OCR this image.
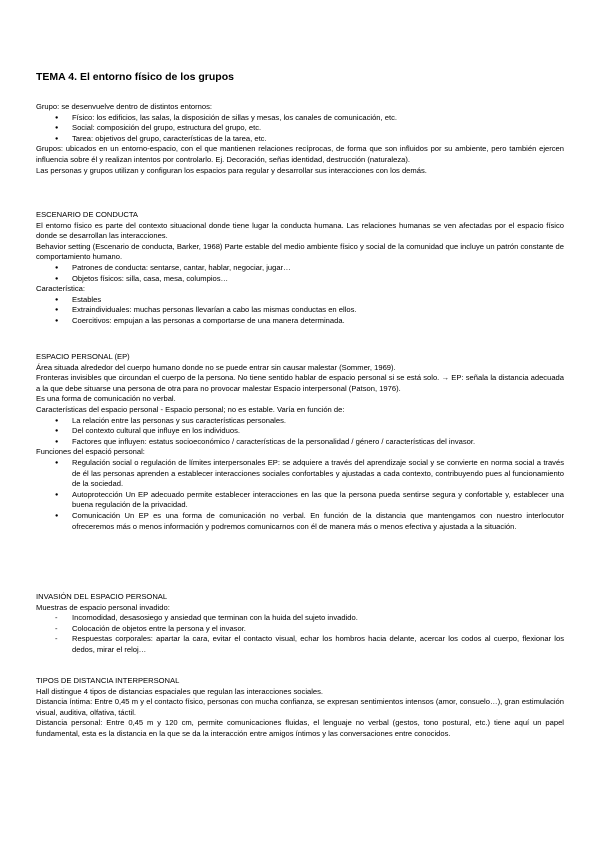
TEMA 4. El entorno físico de los grupos

Grupo: se desenvuelve dentro de distintos entornos:

● Físico: los edificios, las salas, la disposición de sillas y mesas, los canales de comunicación, etc.
● Social: composición del grupo, estructura del grupo, etc.
● Tarea: objetivos del grupo, características de la tarea, etc.

Grupos: ubicados en un entorno-espacio, con el que mantienen relaciones recíprocas, de forma que son influidos por su ambiente, pero también ejercen influencia sobre él y realizan intentos por controlarlo. Ej. Decoración, señas identidad, destrucción (naturaleza).

Las personas y grupos utilizan y configuran los espacios para regular y desarrollar sus interacciones con los demás.

ESCENARIO DE CONDUCTA

El entorno físico es parte del contexto situacional donde tiene lugar la conducta humana. Las relaciones humanas se ven afectadas por el espacio físico donde se desarrollan las interacciones.

Behavior setting (Escenario de conducta, Barker, 1968) Parte estable del medio ambiente físico y social de la comunidad que incluye un patrón constante de comportamiento humano.

● Patrones de conducta: sentarse, cantar, hablar, negociar, jugar…
● Objetos físicos: silla, casa, mesa, columpios…

Característica:

● Estables
● Extraindividuales: muchas personas llevarían a cabo las mismas conductas en ellos.
● Coercitivos: empujan a las personas a comportarse de una manera determinada.

ESPACIO PERSONAL (EP)

Área situada alrededor del cuerpo humano donde no se puede entrar sin causar malestar (Sommer, 1969).

Fronteras invisibles que circundan el cuerpo de la persona. No tiene sentido hablar de espacio personal si se está solo. → EP: señala la distancia adecuada a la que debe situarse una persona de otra para no provocar malestar Espacio interpersonal (Patson, 1976).

Es una forma de comunicación no verbal.

Características del espacio personal - Espacio personal; no es estable. Varía en función de:

● La relación entre las personas y sus características personales.
● Del contexto cultural que influye en los individuos.
● Factores que influyen: estatus socioeconómico / características de la personalidad / género / características del invasor.

Funciones del espació personal:

● Regulación social o regulación de límites interpersonales EP: se adquiere a través del aprendizaje social y se convierte en norma social a través de él las personas aprenden a establecer interacciones sociales confortables y ajustadas a cada contexto, contribuyendo pues al funcionamiento de la sociedad.
● Autoprotección Un EP adecuado permite establecer interacciones en las que la persona pueda sentirse segura y confortable y, establecer una buena regulación de la privacidad.
● Comunicación Un EP es una forma de comunicación no verbal. En función de la distancia que mantengamos con nuestro interlocutor ofreceremos más o menos información y podremos comunicarnos con él de manera más o menos efectiva y ajustada a la situación.

INVASIÓN DEL ESPACIO PERSONAL

Muestras de espacio personal invadido:

- Incomodidad, desasosiego y ansiedad que terminan con la huida del sujeto invadido.
- Colocación de objetos entre la persona y el invasor.
- Respuestas corporales: apartar la cara, evitar el contacto visual, echar los hombros hacia delante, acercar los codos al cuerpo, flexionar los dedos, mirar el reloj…

TIPOS DE DISTANCIA INTERPERSONAL

Hall distingue 4 tipos de distancias espaciales que regulan las interacciones sociales.

Distancia íntima: Entre 0,45 m y el contacto físico, personas con mucha confianza, se expresan sentimientos intensos (amor, consuelo…), gran estimulación visual, auditiva, olfativa, táctil.

Distancia personal: Entre 0,45 m y 120 cm, permite comunicaciones fluidas, el lenguaje no verbal (gestos, tono postural, etc.) tiene aquí un papel fundamental, esta es la distancia en la que se da la interacción entre amigos íntimos y las conversaciones entre conocidos.
